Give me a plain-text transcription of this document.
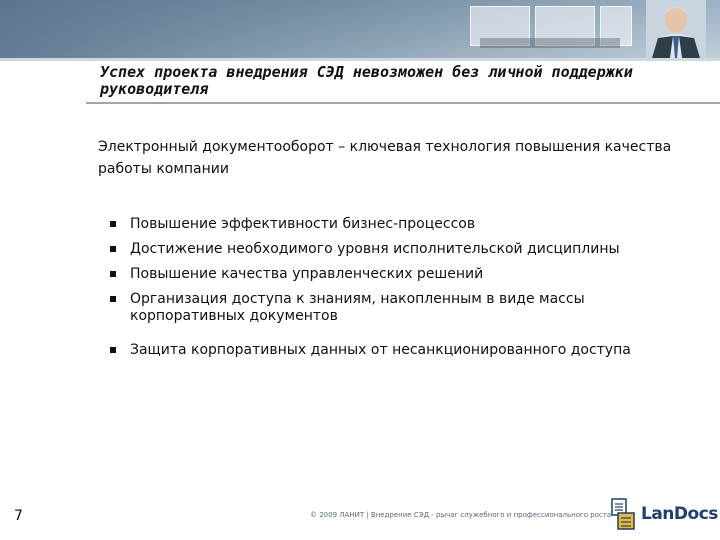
Успех проекта внедрения СЭД невозможен без личной поддержки руководителя
Электронный документооборот – ключевая технология повышения качества работы компании
Повышение эффективности бизнес-процессов
Достижение необходимого уровня исполнительской дисциплины
Повышение качества управленческих решений
Организация доступа к знаниям, накопленным в виде массы корпоративных документов
Защита корпоративных данных от несанкционированного доступа
7	© 2009 ЛАНИТ | Внедрение СЭД - рычаг служебного и профессионального роста LanDocs
